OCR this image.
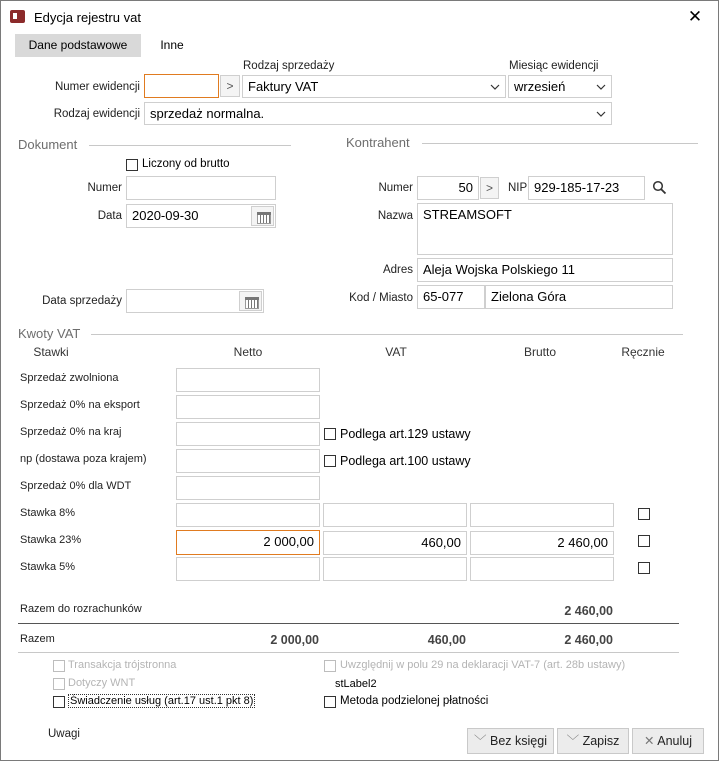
Edycja rejestru vat	✕
Dane podstawowe	Inne
Rodzaj sprzedaży	Miesiąc ewidencji
Numer ewidencji	>	Faktury VAT	wrzesień
Rodzaj ewidencji sprzedaż normalna.
Dokument
Liczony od brutto
Numer
Data 2020-09-30
Data sprzedaży
Kontrahent
Numer	50	>	NIP 929-185-17-23
Nazwa STREAMSOFT
Adres Aleja Wojska Polskiego 11
Kod / Miasto 65-077	Zielona Góra
Kwoty VAT
Stawki	Netto	VAT	Brutto	Ręcznie
Sprzedaż zwolniona
Sprzedaż 0% na eksport
Sprzedaż 0% na kraj	Podlega art.129 ustawy
np (dostawa poza krajem)	Podlega art.100 ustawy
Sprzedaż 0% dla WDT
Stawka 8%
Stawka 23%	2 000,00	460,00	2 460,00
Stawka 5%
Razem do rozrachunków	2 460,00
Razem	2 000,00	460,00	2 460,00
Transakcja trójstronna
Dotyczy WNT
Świadczenie usług (art.17 ust.1 pkt 8)
Uwzględnij w polu 29 na deklaracji VAT-7 (art. 28b ustawy)
stLabel2
Metoda podzielonej płatności
Uwagi	﹀ Bez księgi	﹀ Zapisz	✕ Anuluj
